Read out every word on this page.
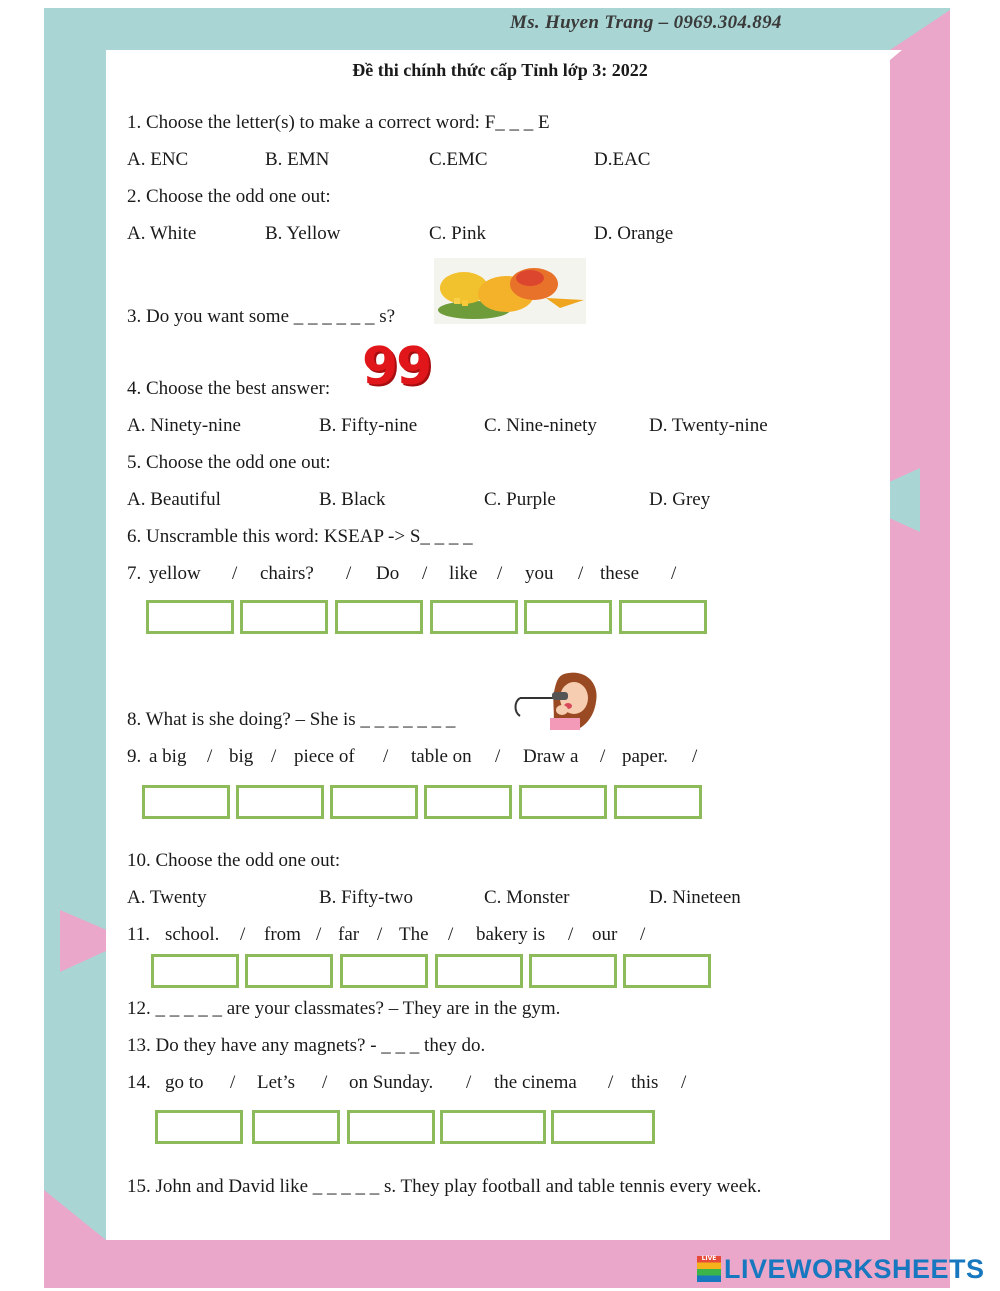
Ms. Huyen Trang – 0969.304.894
Đề thi chính thức cấp Tỉnh lớp 3: 2022
1. Choose the letter(s) to make a correct word: F_ _ _ E
A. ENC	B. EMN	C.EMC	D.EAC
2. Choose the odd one out:
A. White	B. Yellow	C. Pink	D. Orange
3. Do you want some _ _ _ _ _ _ s?
4. Choose the best answer: 99
A. Ninety-nine	B. Fifty-nine	C. Nine-ninety	D. Twenty-nine
5. Choose the odd one out:
A. Beautiful	B. Black	C. Purple	D. Grey
6. Unscramble this word: KSEAP -> S_ _ _ _
7. yellow / chairs? / Do / like / you / these /
8. What is she doing? – She is _ _ _ _ _ _ _
9. a big / big / piece of / table on / Draw a / paper. /
10. Choose the odd one out:
A. Twenty	B. Fifty-two	C. Monster	D. Nineteen
11. school. / from / far / The / bakery is / our /
12. _ _ _ _ _ are your classmates? – They are in the gym.
13. Do they have any magnets? - _ _ _ they do.
14. go to / Let’s / on Sunday. / the cinema / this /
15. John and David like _ _ _ _ _ s. They play football and table tennis every week.
LIVE LIVEWORKSHEETS
